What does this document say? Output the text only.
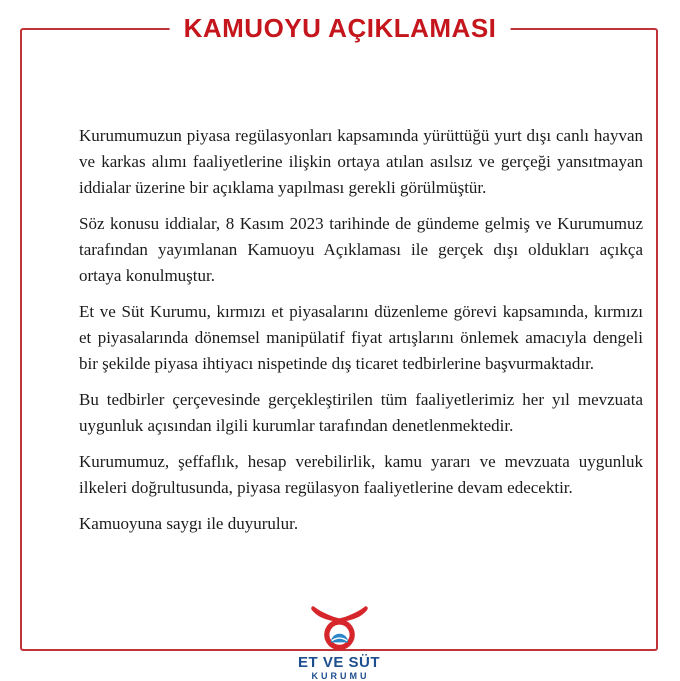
KAMUOYU AÇIKLAMASI

Kurumumuzun piyasa regülasyonları kapsamında yürüttüğü yurt dışı canlı hayvan ve karkas alımı faaliyetlerine ilişkin ortaya atılan asılsız ve gerçeği yansıtmayan iddialar üzerine bir açıklama yapılması gerekli görülmüştür.

Söz konusu iddialar, 8 Kasım 2023 tarihinde de gündeme gelmiş ve Kurumumuz tarafından yayımlanan Kamuoyu Açıklaması ile gerçek dışı oldukları açıkça ortaya konulmuştur.

Et ve Süt Kurumu, kırmızı et piyasalarını düzenleme görevi kapsamında, kırmızı et piyasalarında dönemsel manipülatif fiyat artışlarını önlemek amacıyla dengeli bir şekilde piyasa ihtiyacı nispetinde dış ticaret tedbirlerine başvurmaktadır.

Bu tedbirler çerçevesinde gerçekleştirilen tüm faaliyetlerimiz her yıl mevzuata uygunluk açısından ilgili kurumlar tarafından denetlenmektedir.

Kurumumuz, şeffaflık, hesap verebilirlik, kamu yararı ve mevzuata uygunluk ilkeleri doğrultusunda, piyasa regülasyon faaliyetlerine devam edecektir.

Kamuoyuna saygı ile duyurulur.

ET VE SÜT
KURUMU
